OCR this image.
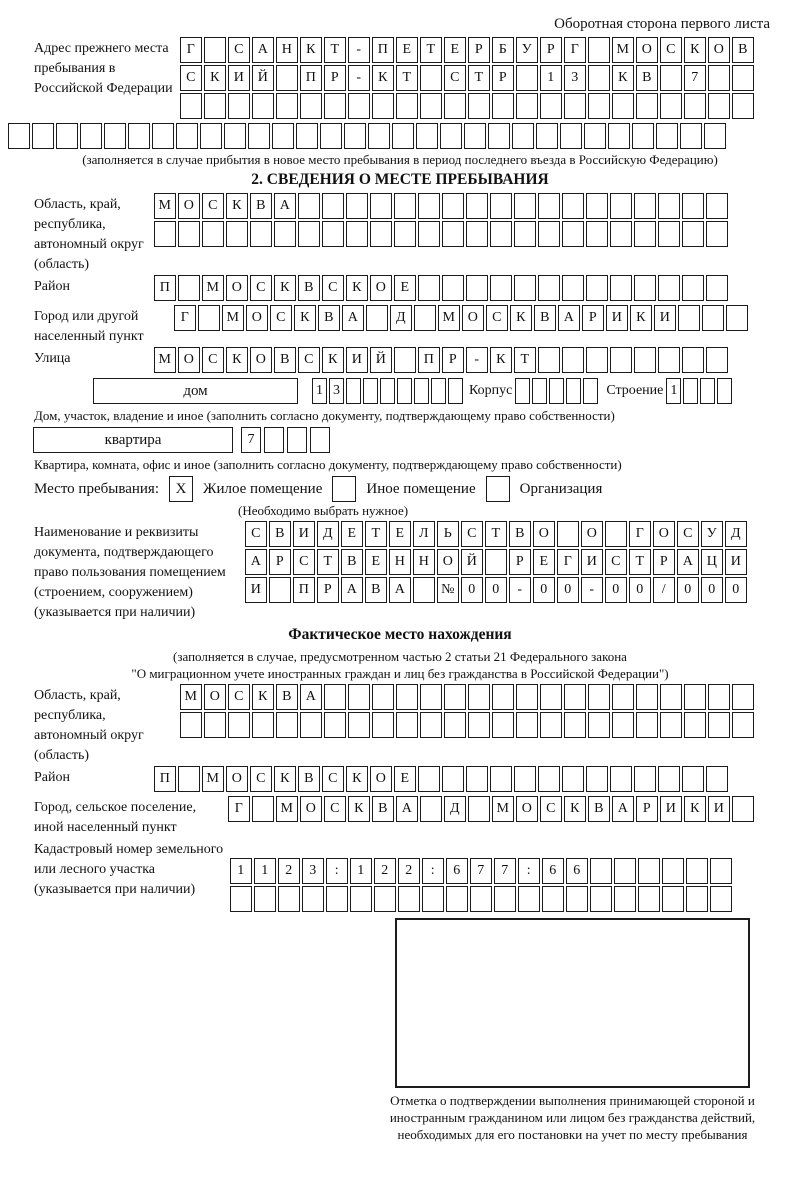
Оборотная сторона первого листа
Адрес прежнего места пребывания в Российской Федерации
Г	С	А Н	К	Т	-	П	Е	Т	Е	Р	Б	У	Р	Г	М О	С	К	О	В
С	К	И Й	П	Р	-	К	Т	С	Т	Р	1	3	К	В	7
(заполняется в случае прибытия в новое место пребывания в период последнего въезда в Российскую Федерацию)
2. СВЕДЕНИЯ О МЕСТЕ ПРЕБЫВАНИЯ
Область, край, республика, автономный округ (область)
М О	С	К	В	А
Район	П	М О	С	К	В	С	К	О	Е
Город или другой населенный пункт
Г	М О	С	К	В	А	Д	М О	С	К	В	А	Р	И	К	И
Улица	М О	С	К	О	В	С	К	И Й	П	Р	-	К	Т
дом	1 3	Корпус	Строение 1
Дом, участок, владение и иное (заполнить согласно документу, подтверждающему право собственности)
квартира	7
Квартира, комната, офис и иное (заполнить согласно документу, подтверждающему право собственности)
Место пребывания:	X	Жилое помещение	Иное помещение	Организация
(Необходимо выбрать нужное)
Наименование и реквизиты документа, подтверждающего право пользования помещением (строением, сооружением) (указывается при наличии)
С	В	И	Д	Е	Т	Е	Л	Ь	С	Т	В	О	О	Г	О	С	У	Д
А	Р	С	Т	В	Е	Н Н О Й	Р	Е	Г	И	С	Т	Р	А Ц И
И	П	Р	А	В	А	№ 0	0	-	0	0	-	0	0	/	0	0	0
Фактическое место нахождения
(заполняется в случае, предусмотренном частью 2 статьи 21 Федерального закона
"О миграционном учете иностранных граждан и лиц без гражданства в Российской Федерации")
Область, край, республика, автономный округ (область)
М О	С	К	В	А
Район	П	М О	С	К	В	С	К	О	Е
Город, сельское поселение, иной населенный пункт
Г	М О	С	К	В	А	Д	М О	С	К	В	А	Р	И	К	И
Кадастровый номер земельного или лесного участка (указывается при наличии)
1	1	2	3	:	1	2	2	:	6	7	7	:	6	6
Отметка о подтверждении выполнения принимающей стороной и иностранным гражданином или лицом без гражданства действий, необходимых для его постановки на учет по месту пребывания
